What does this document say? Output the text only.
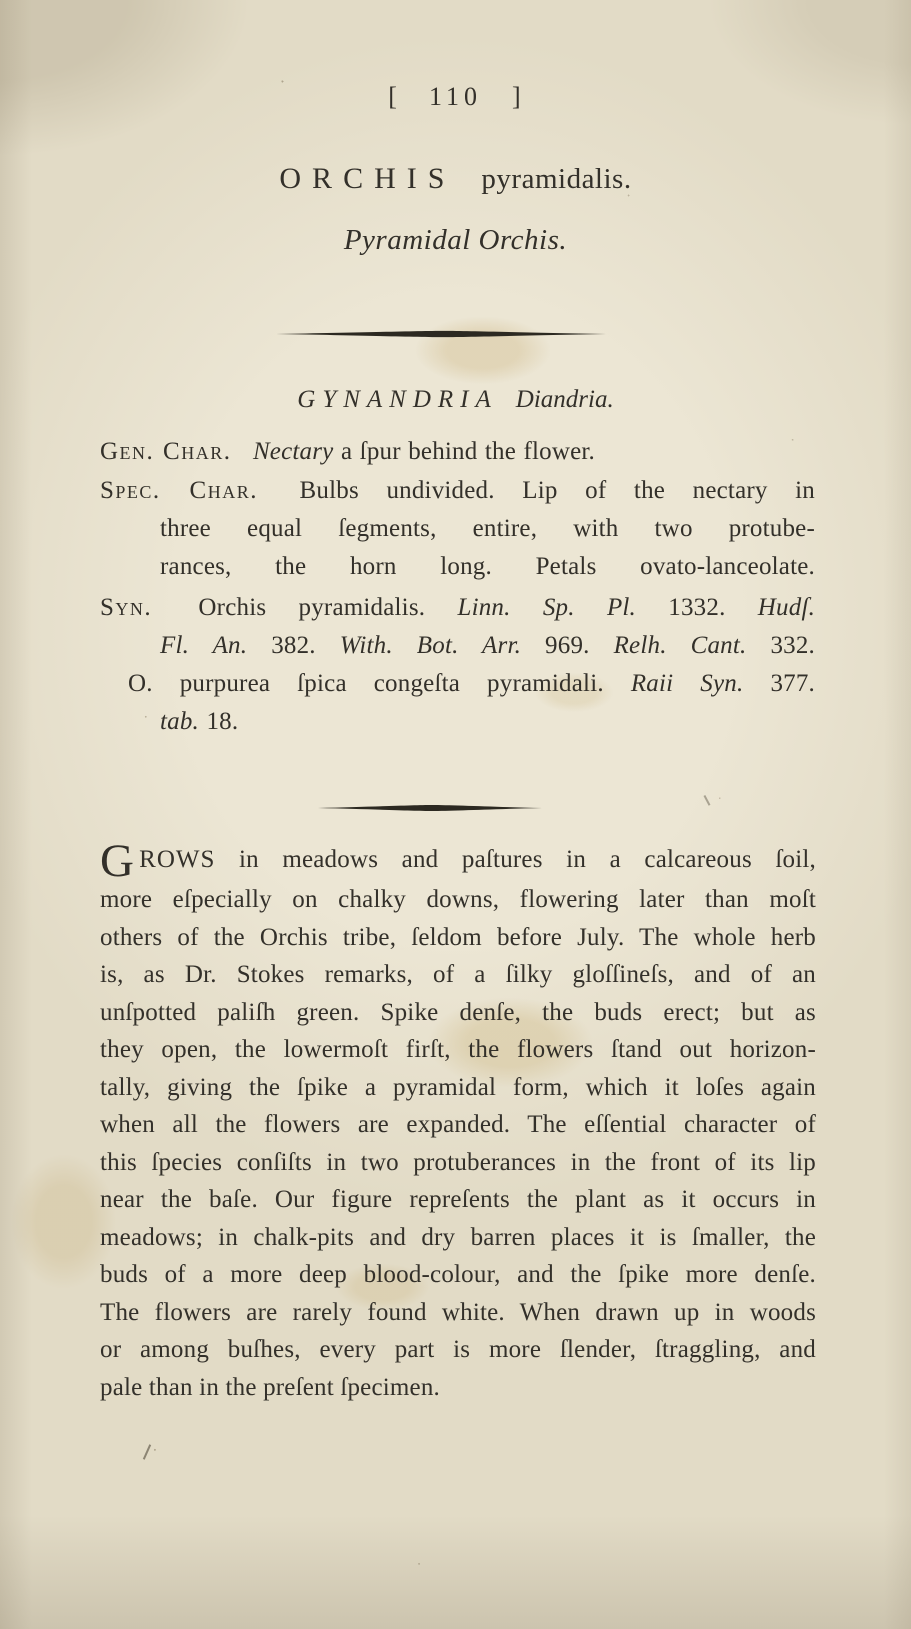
[ 110 ]
ORCHIS pyramidalis.
Pyramidal Orchis.
GYNANDRIA Diandria.
Gen. Char. Nectary a ſpur behind the flower.
Spec. Char. Bulbs undivided. Lip of the nectary in
three equal ſegments, entire, with two protube-
rances, the horn long. Petals ovato-lanceolate.
Syn. Orchis pyramidalis. Linn. Sp. Pl. 1332. Hudſ.
Fl. An. 382. With. Bot. Arr. 969. Relh. Cant. 332.
O. purpurea ſpica congeſta pyramidali. Raii Syn. 377.
tab. 18.
G ROWS in meadows and paſtures in a calcareous ſoil,
more eſpecially on chalky downs, flowering later than moſt
others of the Orchis tribe, ſeldom before July. The whole herb
is, as Dr. Stokes remarks, of a ſilky gloſſineſs, and of an
unſpotted paliſh green. Spike denſe, the buds erect; but as
they open, the lowermoſt firſt, the flowers ſtand out horizon-
tally, giving the ſpike a pyramidal form, which it loſes again
when all the flowers are expanded. The eſſential character of
this ſpecies conſiſts in two protuberances in the front of its lip
near the baſe. Our figure repreſents the plant as it occurs in
meadows; in chalk-pits and dry barren places it is ſmaller, the
buds of a more deep blood-colour, and the ſpike more denſe.
The flowers are rarely found white. When drawn up in woods
or among buſhes, every part is more ſlender, ſtraggling, and
pale than in the preſent ſpecimen.
